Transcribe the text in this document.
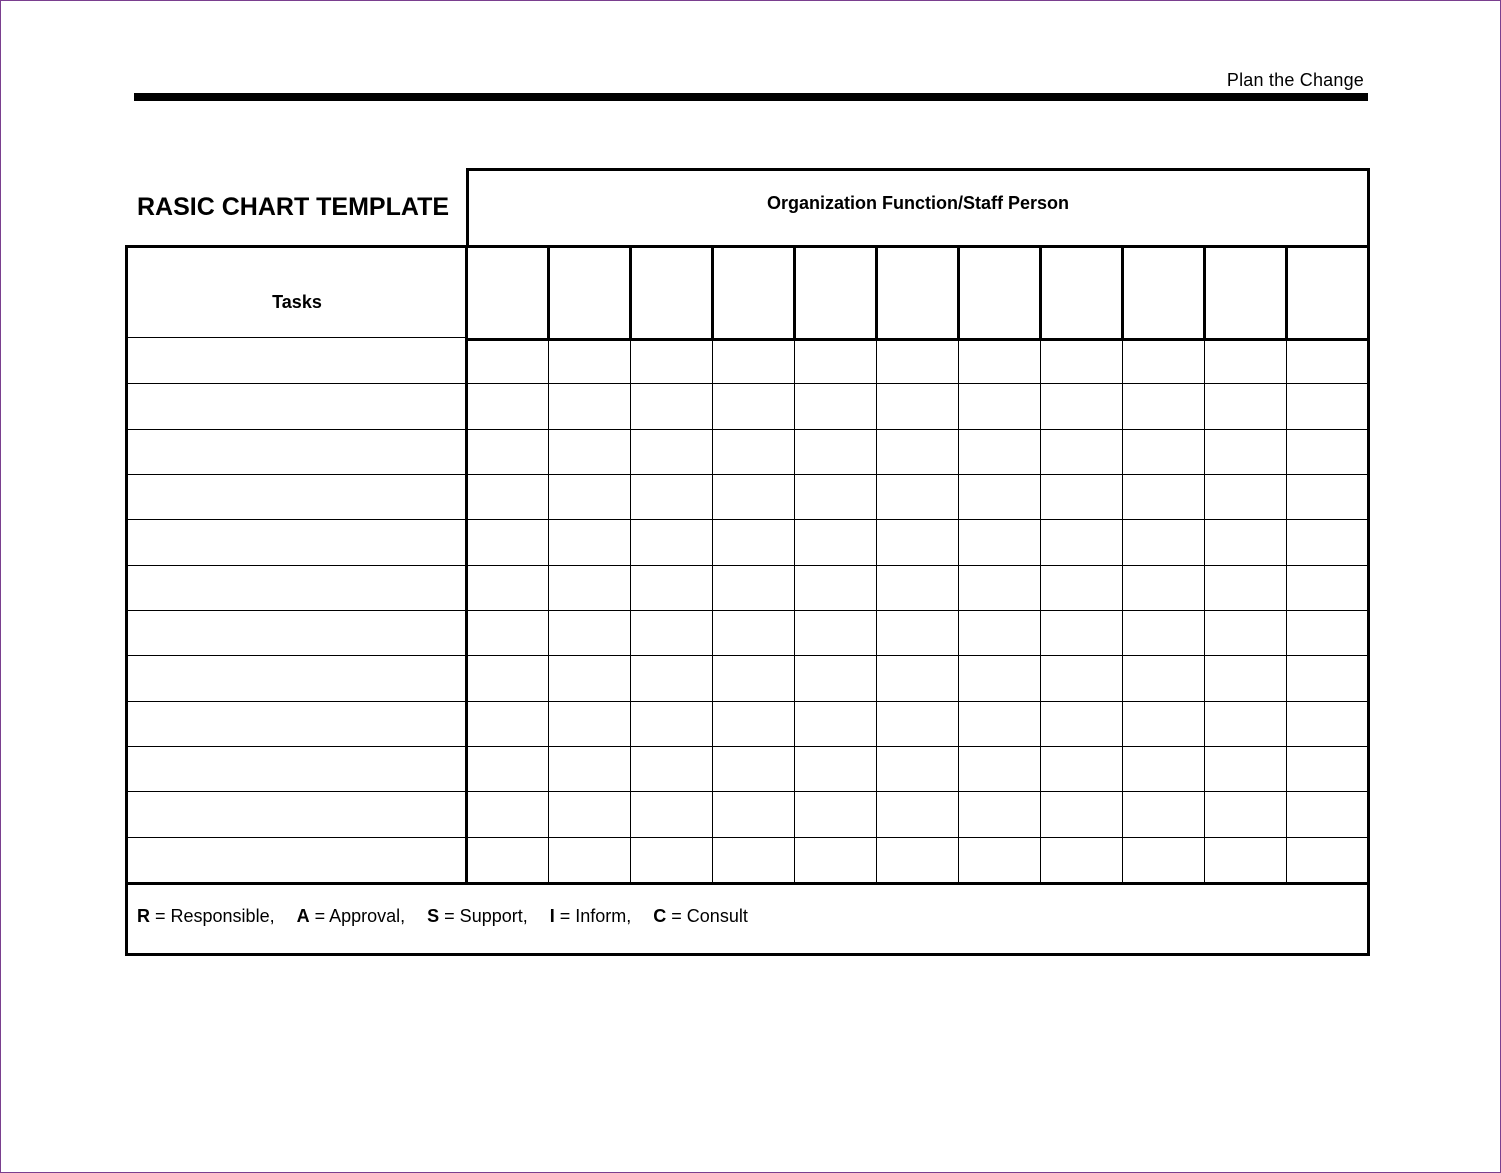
Plan the Change
RASIC CHART TEMPLATE	Organization Function/Staff Person
Tasks
R = Responsible, A = Approval, S = Support, I = Inform, C = Consult
